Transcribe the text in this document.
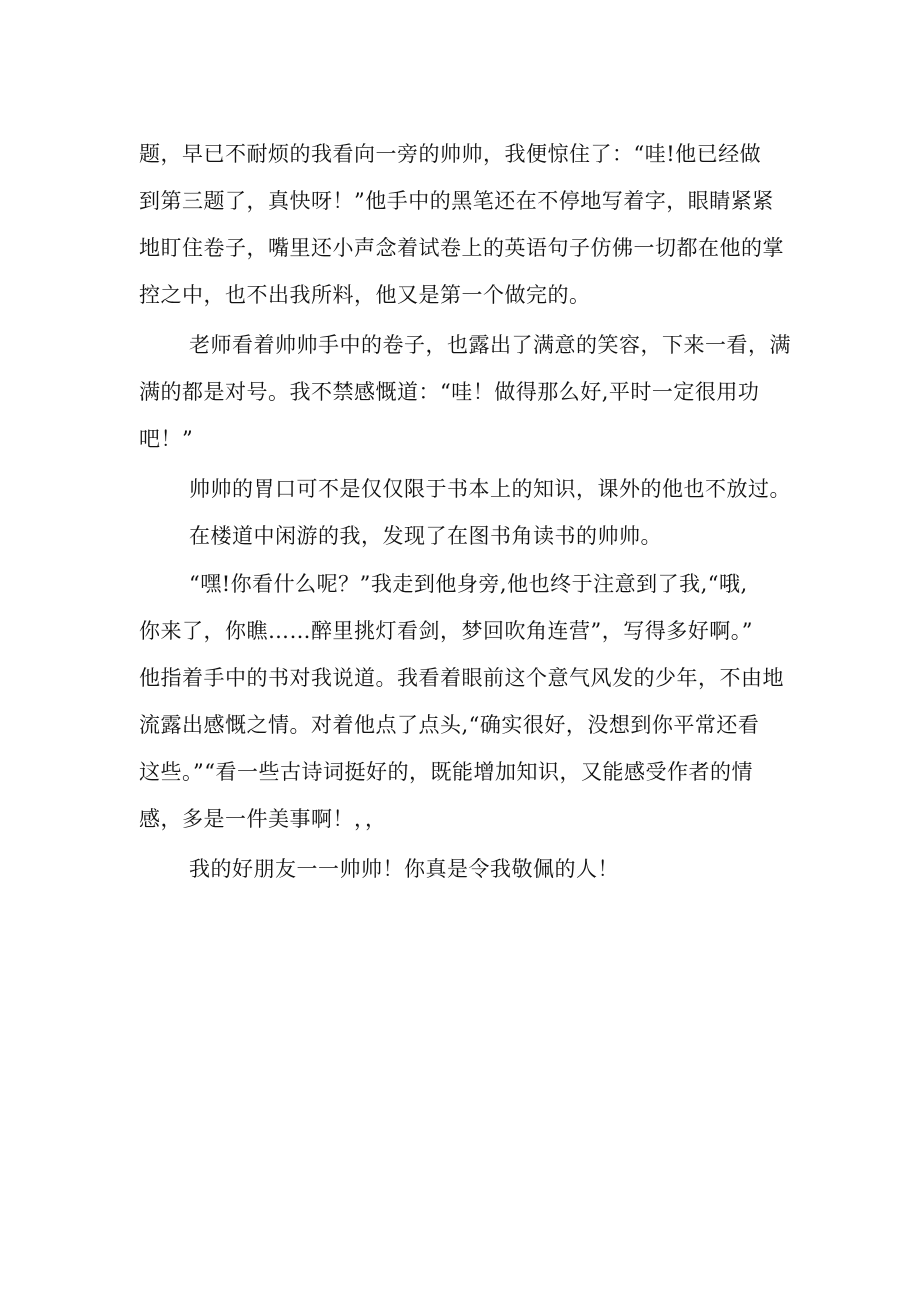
题，早已不耐烦的我看向一旁的帅帅，我便惊住了：“哇!他已经做
到第三题了，真快呀！”他手中的黑笔还在不停地写着字，眼睛紧紧
地盯住卷子，嘴里还小声念着试卷上的英语句子仿佛一切都在他的掌
控之中，也不出我所料，他又是第一个做完的。
老师看着帅帅手中的卷子，也露出了满意的笑容，下来一看，满
满的都是对号。我不禁感慨道：“哇！做得那么好,平时一定很用功
吧！”
帅帅的胃口可不是仅仅限于书本上的知识，课外的他也不放过。
在楼道中闲游的我，发现了在图书角读书的帅帅。
“嘿!你看什么呢？”我走到他身旁,他也终于注意到了我,“哦,
你来了，你瞧……醉里挑灯看剑，梦回吹角连营”，写得多好啊。”
他指着手中的书对我说道。我看着眼前这个意气风发的少年，不由地
流露出感慨之情。对着他点了点头,“确实很好，没想到你平常还看
这些。”“看一些古诗词挺好的，既能增加知识，又能感受作者的情
感，多是一件美事啊！，，
我的好朋友一一帅帅！你真是令我敬佩的人！
